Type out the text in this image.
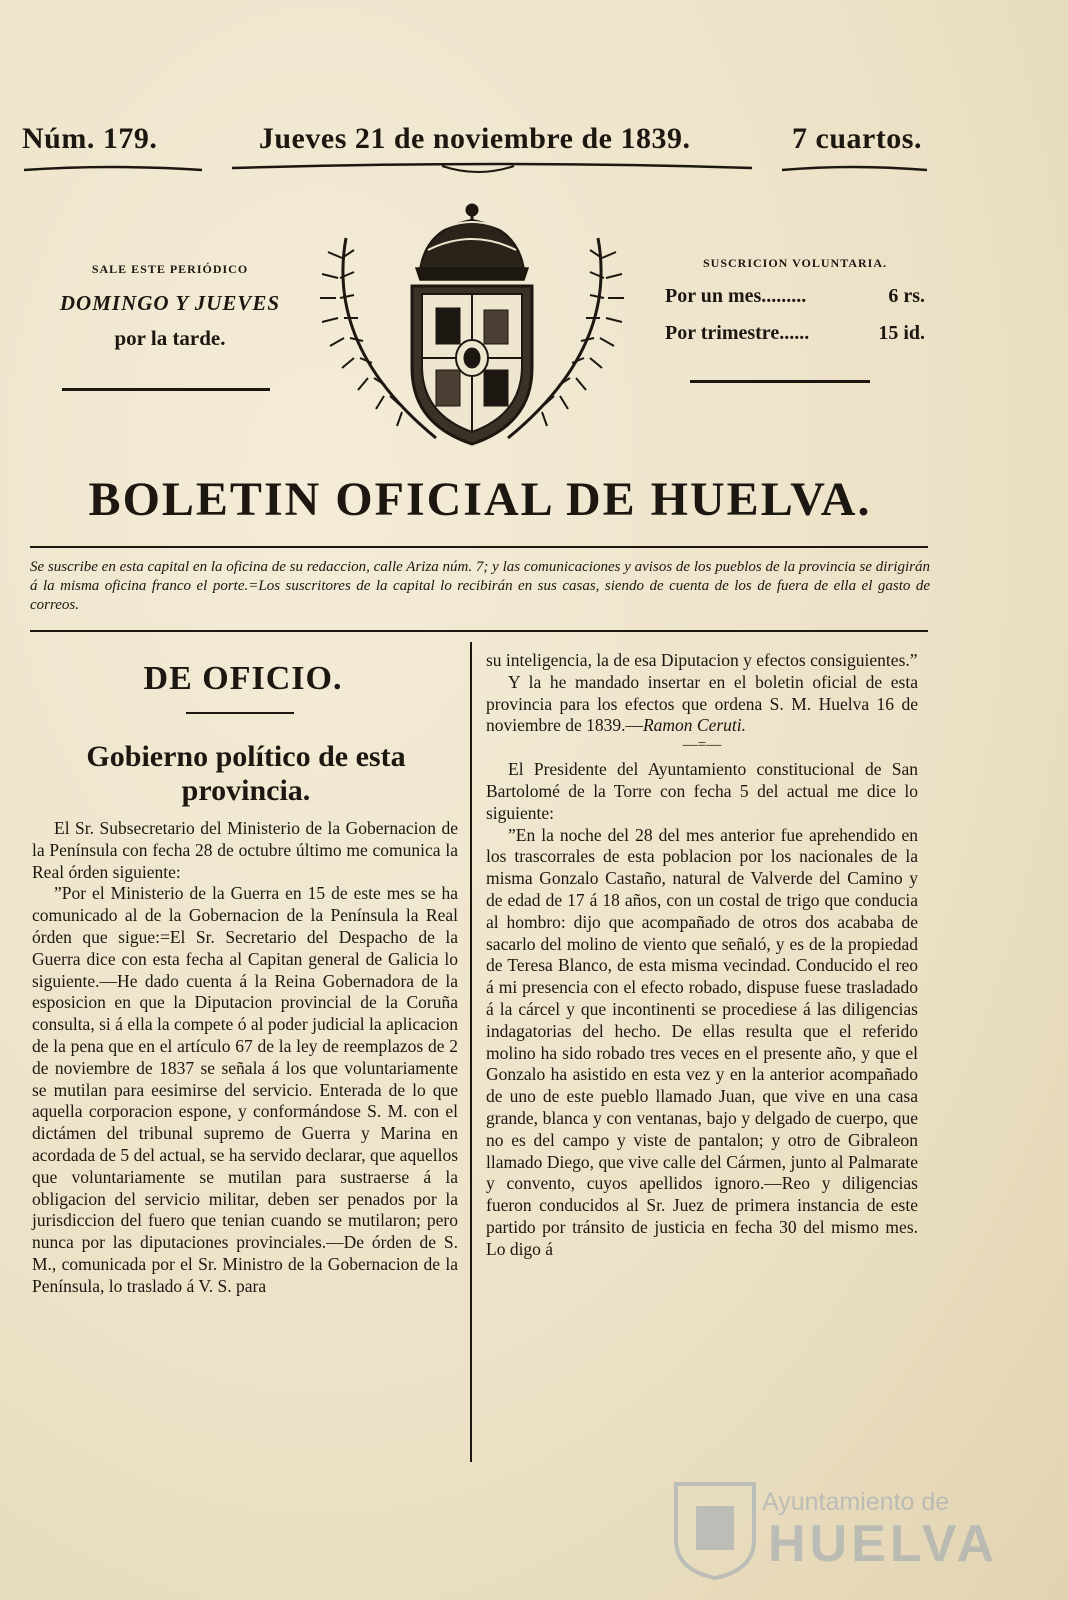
Núm. 179.	Jueves 21 de noviembre de 1839.	7 cuartos.
SALE ESTE PERIÓDICO
DOMINGO Y JUEVES
por la tarde.
SUSCRICION VOLUNTARIA.
Por un mes.........	6 rs.
Por trimestre......	15 id.
BOLETIN OFICIAL DE HUELVA.
Se suscribe en esta capital en la oficina de su redaccion, calle Ariza núm. 7; y las comunicaciones y avisos de los pueblos de la provincia se dirigirán á la misma oficina franco el porte.=Los suscritores de la capital lo recibirán en sus casas, siendo de cuenta de los de fuera de ella el gasto de correos.
DE OFICIO.
Gobierno político de esta provincia.

El Sr. Subsecretario del Ministerio de la Gobernacion de la Península con fecha 28 de octubre último me comunica la Real órden siguiente:

”Por el Ministerio de la Guerra en 15 de este mes se ha comunicado al de la Gobernacion de la Península la Real órden que sigue:=El Sr. Secretario del Despacho de la Guerra dice con esta fecha al Capitan general de Galicia lo siguiente.—He dado cuenta á la Reina Gobernadora de la esposicion en que la Diputacion provincial de la Coruña consulta, si á ella la compete ó al poder judicial la aplicacion de la pena que en el artículo 67 de la ley de reemplazos de 2 de noviembre de 1837 se señala á los que voluntariamente se mutilan para eesimirse del servicio. Enterada de lo que aquella corporacion espone, y conformándose S. M. con el dictámen del tribunal supremo de Guerra y Marina en acordada de 5 del actual, se ha servido declarar, que aquellos que voluntariamente se mutilan para sustraerse á la obligacion del servicio militar, deben ser penados por la jurisdiccion del fuero que tenian cuando se mutilaron; pero nunca por las diputaciones provinciales.—De órden de S. M., comunicada por el Sr. Ministro de la Gobernacion de la Península, lo traslado á V. S. para

su inteligencia, la de esa Diputacion y efectos consiguientes.”

Y la he mandado insertar en el boletin oficial de esta provincia para los efectos que ordena S. M. Huelva 16 de noviembre de 1839.—Ramon Ceruti.

—=—

El Presidente del Ayuntamiento constitucional de San Bartolomé de la Torre con fecha 5 del actual me dice lo siguiente:

”En la noche del 28 del mes anterior fue aprehendido en los trascorrales de esta poblacion por los nacionales de la misma Gonzalo Castaño, natural de Valverde del Camino y de edad de 17 á 18 años, con un costal de trigo que conducia al hombro: dijo que acompañado de otros dos acababa de sacarlo del molino de viento que señaló, y es de la propiedad de Teresa Blanco, de esta misma vecindad. Conducido el reo á mi presencia con el efecto robado, dispuse fuese trasladado á la cárcel y que incontinenti se procediese á las diligencias indagatorias del hecho. De ellas resulta que el referido molino ha sido robado tres veces en el presente año, y que el Gonzalo ha asistido en esta vez y en la anterior acompañado de uno de este pueblo llamado Juan, que vive en una casa grande, blanca y con ventanas, bajo y delgado de cuerpo, que no es del campo y viste de pantalon; y otro de Gibraleon llamado Diego, que vive calle del Cármen, junto al Palmarate y convento, cuyos apellidos ignoro.—Reo y diligencias fueron conducidos al Sr. Juez de primera instancia de este partido por tránsito de justicia en fecha 30 del mismo mes. Lo digo á

Ayuntamiento de
HUELVA
